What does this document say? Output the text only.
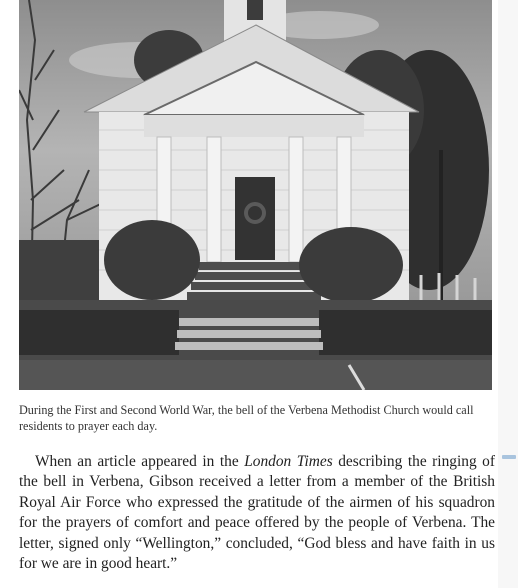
During the First and Second World War, the bell of the Verbena Methodist Church would call residents to prayer each day.

When an article appeared in the London Times describing the ringing of the bell in Verbena, Gibson received a letter from a member of the British Royal Air Force who expressed the gratitude of the airmen of his squadron for the prayers of comfort and peace offered by the people of Verbena. The letter, signed only “Wellington,” concluded, “God bless and have faith in us for we are in good heart.”
